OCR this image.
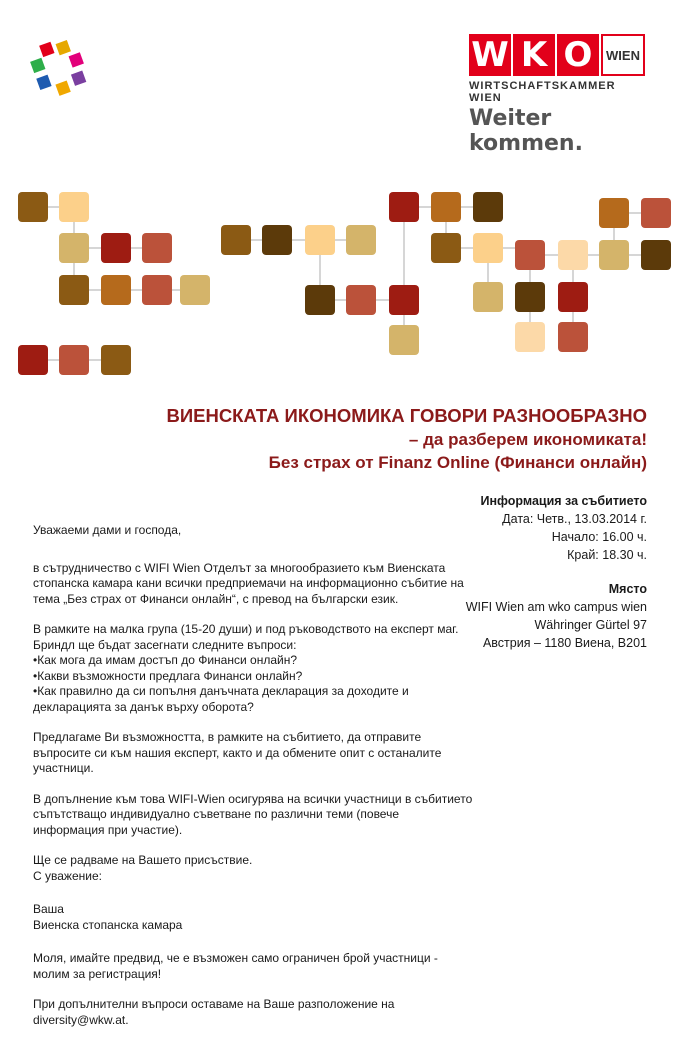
W K O	WIEN
WIRTSCHAFTSKAMMER WIEN
Weiter kommen.
ВИЕНСКАТА ИКОНОМИКА ГОВОРИ РАЗНООБРАЗНО
– да разберем икономиката!
Без страх от Finanz Online (Финанси онлайн)
Информация за събитието
Дата: Четв., 13.03.2014 г.
Начало: 16.00 ч.
Край: 18.30 ч.
Място
WIFI Wien am wko campus wien
Währinger Gürtel 97
Австрия – 1180 Виена, B201

Уважаеми дами и господа,

в сътрудничество с WIFI Wien Отделът за многообразието към Виенската стопанска камара кани всички предприемачи на информационно събитие на тема „Без страх от Финанси онлайн“, с превод на български език.

В рамките на малка група (15-20 души) и под ръководството на експерт маг. Бриндл ще бъдат засегнати следните въпроси:

•Как мога да имам достъп до Финанси онлайн?

•Какви възможности предлага Финанси онлайн?

•Как правилно да си попълня данъчната декларация за доходите и декларацията за данък върху оборота?

Предлагаме Ви възможността, в рамките на събитието, да отправите въпросите си към нашия експерт, както и да обмените опит с останалите участници.

В допълнение към това WIFI-Wien осигурява на всички участници в събитието съпътстващо индивидуално съветване по различни теми (повече информация при участие).

Ще се радваме на Вашето присъствие.

С уважение:

Ваша

Виенска стопанска камара

Моля, имайте предвид, че е възможен само ограничен брой участници - молим за регистрация!

При допълнителни въпроси оставаме на Ваше разположение на diversity@wkw.at.
